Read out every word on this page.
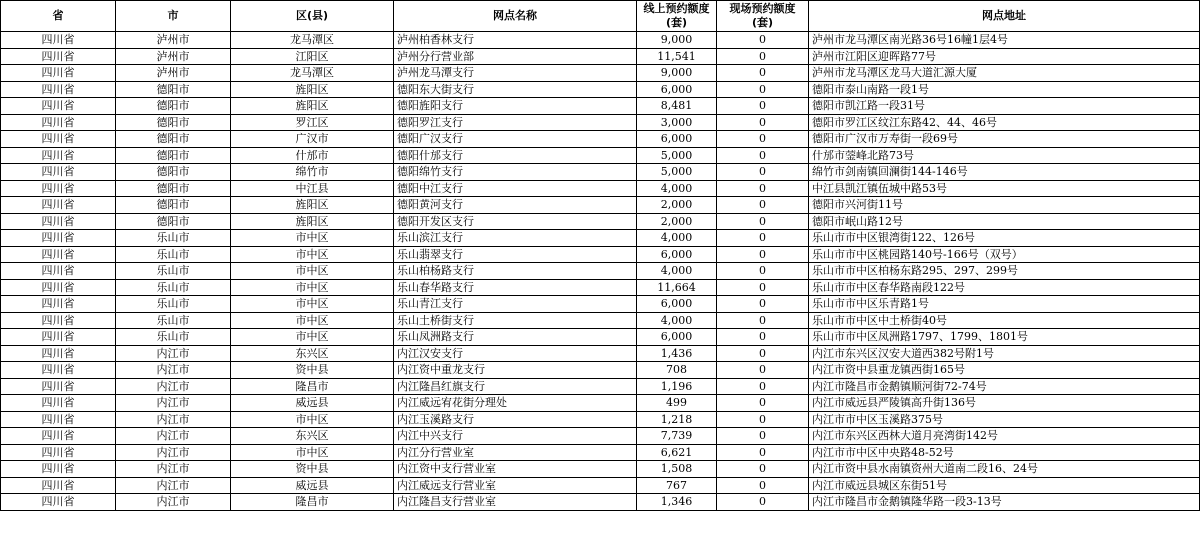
省	市	区(县)	网点名称	线上预约额度(套)	现场预约额度(套)	网点地址
四川省	泸州市	龙马潭区	泸州柏香林支行	9,000	0	泸州市龙马潭区南光路36号16幢1层4号
四川省	泸州市	江阳区	泸州分行营业部	11,541	0	泸州市江阳区迎晖路77号
四川省	泸州市	龙马潭区	泸州龙马潭支行	9,000	0	泸州市龙马潭区龙马大道汇源大厦
四川省	德阳市	旌阳区	德阳东大街支行	6,000	0	德阳市泰山南路一段1号
四川省	德阳市	旌阳区	德阳旌阳支行	8,481	0	德阳市凯江路一段31号
四川省	德阳市	罗江区	德阳罗江支行	3,000	0	德阳市罗江区纹江东路42、44、46号
四川省	德阳市	广汉市	德阳广汉支行	6,000	0	德阳市广汉市万寿街一段69号
四川省	德阳市	什邡市	德阳什邡支行	5,000	0	什邡市蓥峰北路73号
四川省	德阳市	绵竹市	德阳绵竹支行	5,000	0	绵竹市剑南镇回澜街144-146号
四川省	德阳市	中江县	德阳中江支行	4,000	0	中江县凯江镇伍城中路53号
四川省	德阳市	旌阳区	德阳黄河支行	2,000	0	德阳市兴河街11号
四川省	德阳市	旌阳区	德阳开发区支行	2,000	0	德阳市岷山路12号
四川省	乐山市	市中区	乐山滨江支行	4,000	0	乐山市市中区银湾街122、126号
四川省	乐山市	市中区	乐山翡翠支行	6,000	0	乐山市市中区桃园路140号-166号（双号）
四川省	乐山市	市中区	乐山柏杨路支行	4,000	0	乐山市市中区柏杨东路295、297、299号
四川省	乐山市	市中区	乐山春华路支行	11,664	0	乐山市市中区春华路南段122号
四川省	乐山市	市中区	乐山青江支行	6,000	0	乐山市市中区乐青路1号
四川省	乐山市	市中区	乐山土桥街支行	4,000	0	乐山市市中区中土桥街40号
四川省	乐山市	市中区	乐山凤洲路支行	6,000	0	乐山市市中区凤洲路1797、1799、1801号
四川省	内江市	东兴区	内江汉安支行	1,436	0	内江市东兴区汉安大道西382号附1号
四川省	内江市	资中县	内江资中重龙支行	708	0	内江市资中县重龙镇西街165号
四川省	内江市	隆昌市	内江隆昌红旗支行	1,196	0	内江市隆昌市金鹅镇顺河街72-74号
四川省	内江市	威远县	内江威远宥花街分理处	499	0	内江市威远县严陵镇高升街136号
四川省	内江市	市中区	内江玉溪路支行	1,218	0	内江市市中区玉溪路375号
四川省	内江市	东兴区	内江中兴支行	7,739	0	内江市东兴区西林大道月亮湾街142号
四川省	内江市	市中区	内江分行营业室	6,621	0	内江市市中区中央路48-52号
四川省	内江市	资中县	内江资中支行营业室	1,508	0	内江市资中县水南镇资州大道南二段16、24号
四川省	内江市	威远县	内江威远支行营业室	767	0	内江市威远县城区东街51号
四川省	内江市	隆昌市	内江隆昌支行营业室	1,346	0	内江市隆昌市金鹅镇隆华路一段3-13号
